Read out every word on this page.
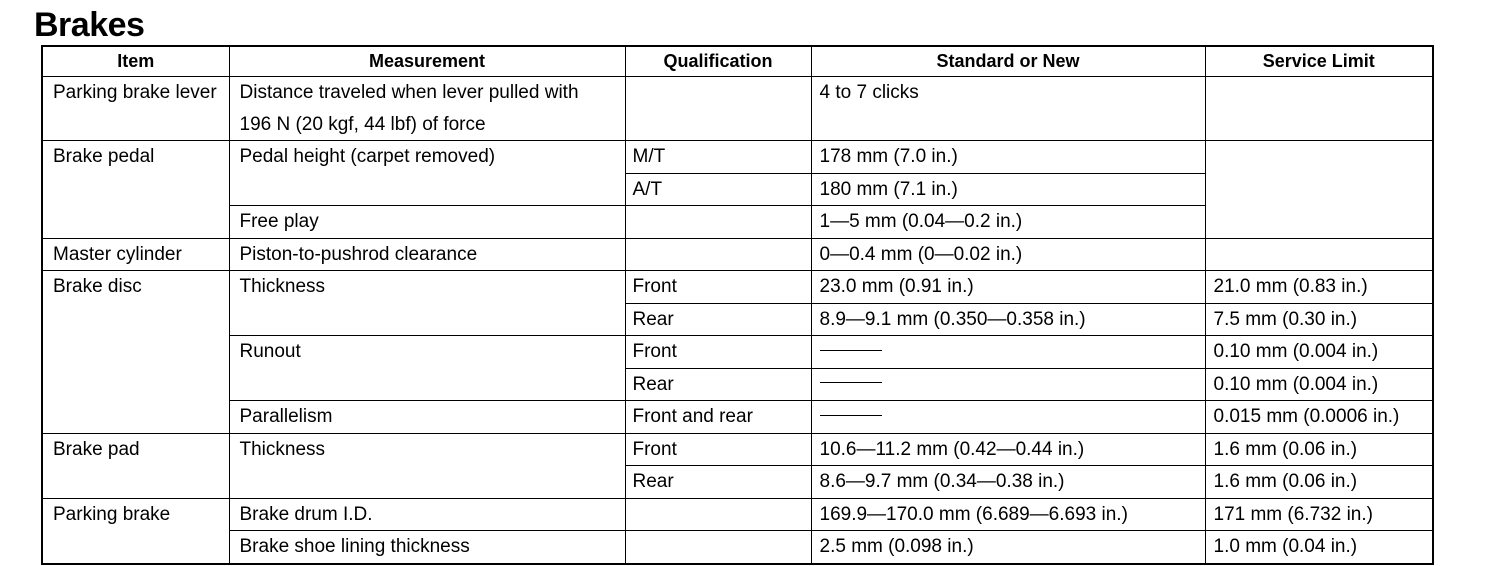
Brakes
Item	Measurement	Qualification	Standard or New	Service Limit
Parking brake lever	Distance traveled when lever pulled with 196 N (20 kgf, 44 lbf) of force		4 to 7 clicks	
Brake pedal	Pedal height (carpet removed)	M/T	178 mm (7.0 in.)	
		A/T	180 mm (7.1 in.)	
	Free play		1—5 mm (0.04—0.2 in.)	
Master cylinder	Piston-to-pushrod clearance		0—0.4 mm (0—0.02 in.)	
Brake disc	Thickness	Front	23.0 mm (0.91 in.)	21.0 mm (0.83 in.)
		Rear	8.9—9.1 mm (0.350—0.358 in.)	7.5 mm (0.30 in.)
	Runout	Front		0.10 mm (0.004 in.)
		Rear		0.10 mm (0.004 in.)
	Parallelism	Front and rear		0.015 mm (0.0006 in.)
Brake pad	Thickness	Front	10.6—11.2 mm (0.42—0.44 in.)	1.6 mm (0.06 in.)
		Rear	8.6—9.7 mm (0.34—0.38 in.)	1.6 mm (0.06 in.)
Parking brake	Brake drum I.D.		169.9—170.0 mm (6.689—6.693 in.)	171 mm (6.732 in.)
	Brake shoe lining thickness		2.5 mm (0.098 in.)	1.0 mm (0.04 in.)
